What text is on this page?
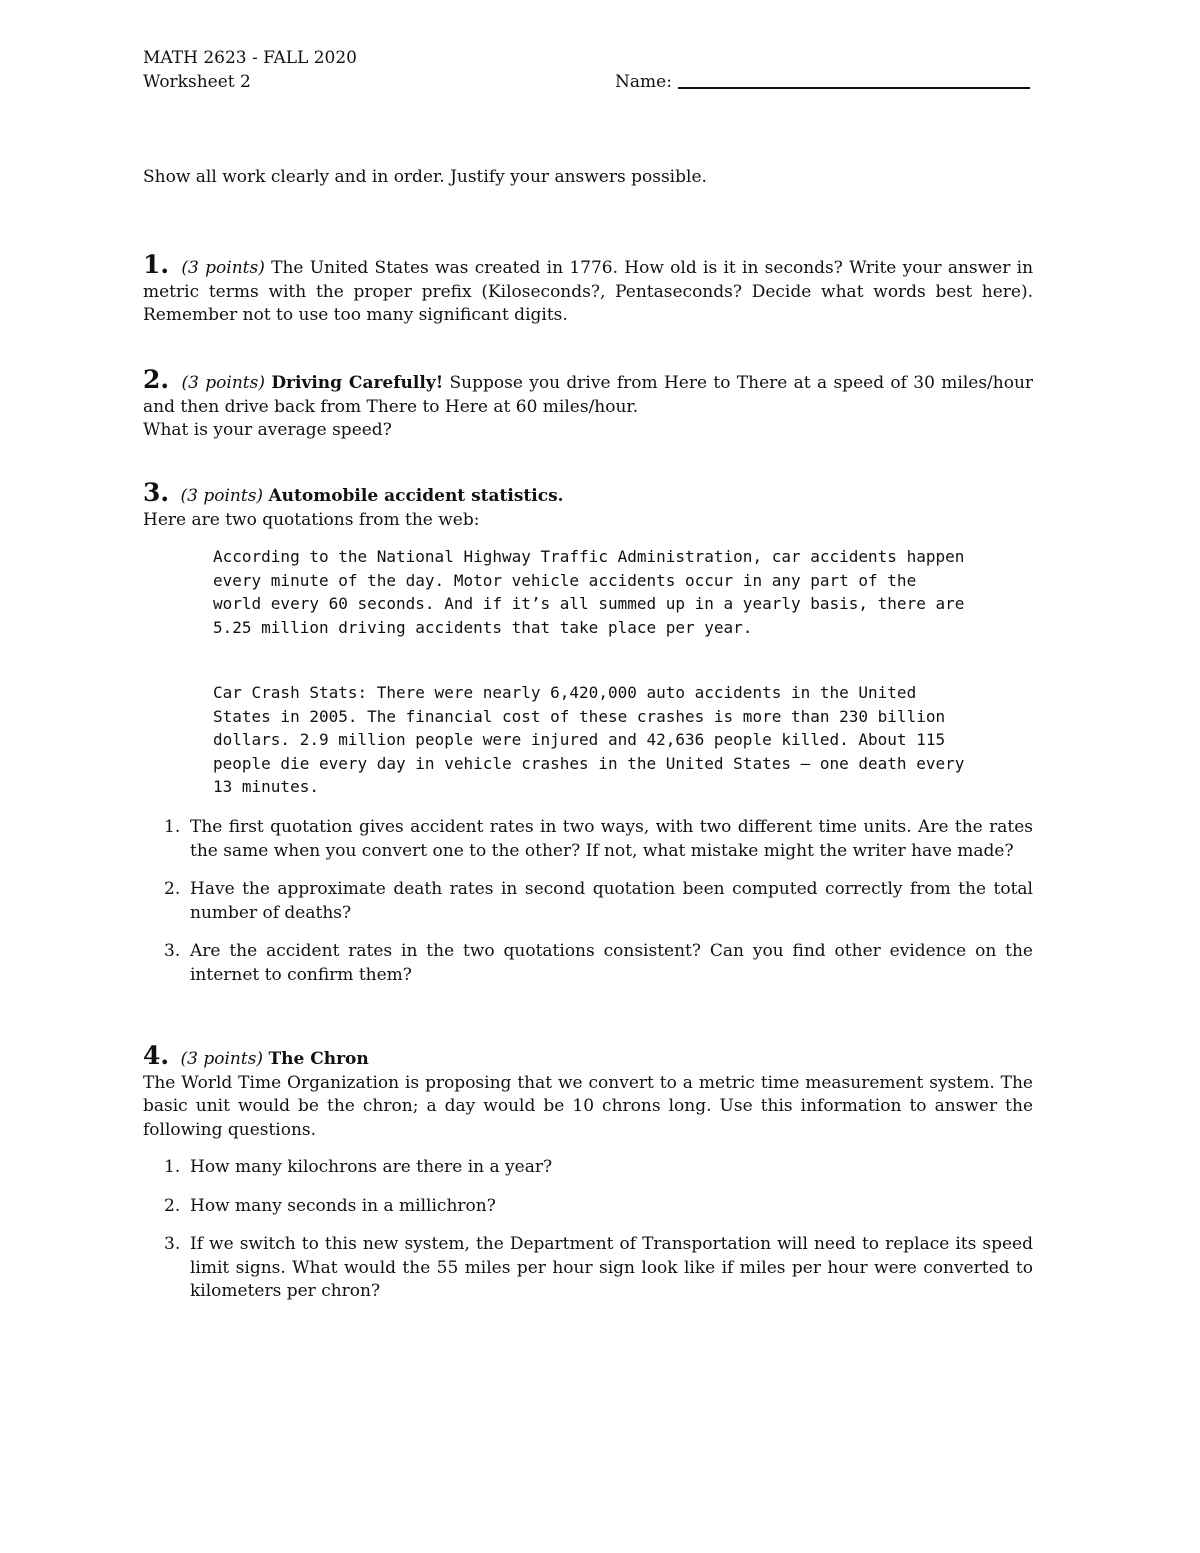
MATH 2623 - FALL 2020
Worksheet 2	Name:
Show all work clearly and in order. Justify your answers possible.
1. (3 points) The United States was created in 1776. How old is it in seconds? Write your answer in metric terms with the proper prefix (Kiloseconds?, Pentaseconds? Decide what words best here). Remember not to use too many significant digits.
2. (3 points) Driving Carefully! Suppose you drive from Here to There at a speed of 30 miles/hour and then drive back from There to Here at 60 miles/hour.
What is your average speed?
3. (3 points) Automobile accident statistics.
Here are two quotations from the web:
According to the National Highway Traffic Administration, car accidents happen every minute of the day. Motor vehicle accidents occur in any part of the world every 60 seconds. And if it’s all summed up in a yearly basis, there are 5.25 million driving accidents that take place per year.
Car Crash Stats: There were nearly 6,420,000 auto accidents in the United States in 2005. The financial cost of these crashes is more than 230 billion dollars. 2.9 million people were injured and 42,636 people killed. About 115 people die every day in vehicle crashes in the United States – one death every 13 minutes.
1. The first quotation gives accident rates in two ways, with two different time units. Are the rates the same when you convert one to the other? If not, what mistake might the writer have made?
2. Have the approximate death rates in second quotation been computed correctly from the total number of deaths?
3. Are the accident rates in the two quotations consistent? Can you find other evidence on the internet to confirm them?
4. (3 points) The Chron
The World Time Organization is proposing that we convert to a metric time measurement system. The basic unit would be the chron; a day would be 10 chrons long. Use this information to answer the following questions.
1. How many kilochrons are there in a year?
2. How many seconds in a millichron?
3. If we switch to this new system, the Department of Transportation will need to replace its speed limit signs. What would the 55 miles per hour sign look like if miles per hour were converted to kilometers per chron?
